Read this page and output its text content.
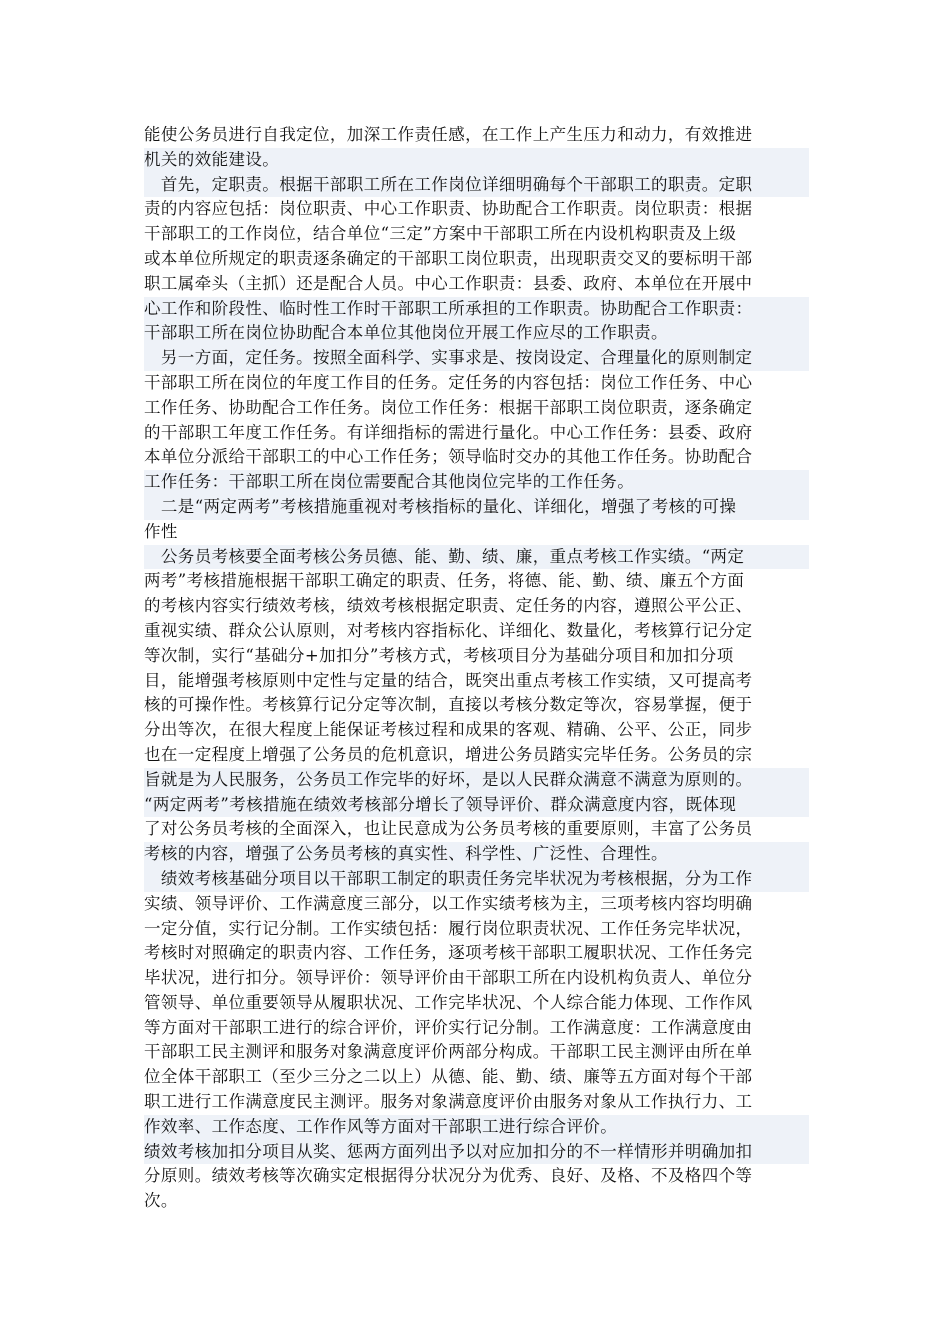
能使公务员进行自我定位，加深工作责任感，在工作上产生压力和动力，有效推进
机关的效能建设。
　首先，定职责。根据干部职工所在工作岗位详细明确每个干部职工的职责。定职
责的内容应包括：岗位职责、中心工作职责、协助配合工作职责。岗位职责：根据
干部职工的工作岗位，结合单位“三定”方案中干部职工所在内设机构职责及上级
或本单位所规定的职责逐条确定的干部职工岗位职责，出现职责交叉的要标明干部
职工属牵头（主抓）还是配合人员。中心工作职责：县委、政府、本单位在开展中
心工作和阶段性、临时性工作时干部职工所承担的工作职责。协助配合工作职责：
干部职工所在岗位协助配合本单位其他岗位开展工作应尽的工作职责。
　另一方面，定任务。按照全面科学、实事求是、按岗设定、合理量化的原则制定
干部职工所在岗位的年度工作目的任务。定任务的内容包括：岗位工作任务、中心
工作任务、协助配合工作任务。岗位工作任务：根据干部职工岗位职责，逐条确定
的干部职工年度工作任务。有详细指标的需进行量化。中心工作任务：县委、政府
本单位分派给干部职工的中心工作任务；领导临时交办的其他工作任务。协助配合
工作任务：干部职工所在岗位需要配合其他岗位完毕的工作任务。
　二是“两定两考”考核措施重视对考核指标的量化、详细化，增强了考核的可操
作性
　公务员考核要全面考核公务员德、能、勤、绩、廉，重点考核工作实绩。“两定
两考”考核措施根据干部职工确定的职责、任务，将德、能、勤、绩、廉五个方面
的考核内容实行绩效考核，绩效考核根据定职责、定任务的内容，遵照公平公正、
重视实绩、群众公认原则，对考核内容指标化、详细化、数量化，考核算行记分定
等次制，实行“基础分+加扣分”考核方式，考核项目分为基础分项目和加扣分项
目，能增强考核原则中定性与定量的结合，既突出重点考核工作实绩，又可提高考
核的可操作性。考核算行记分定等次制，直接以考核分数定等次，容易掌握，便于
分出等次，在很大程度上能保证考核过程和成果的客观、精确、公平、公正，同步
也在一定程度上增强了公务员的危机意识，增进公务员踏实完毕任务。公务员的宗
旨就是为人民服务，公务员工作完毕的好坏，是以人民群众满意不满意为原则的。
“两定两考”考核措施在绩效考核部分增长了领导评价、群众满意度内容，既体现
了对公务员考核的全面深入，也让民意成为公务员考核的重要原则，丰富了公务员
考核的内容，增强了公务员考核的真实性、科学性、广泛性、合理性。
　绩效考核基础分项目以干部职工制定的职责任务完毕状况为考核根据，分为工作
实绩、领导评价、工作满意度三部分，以工作实绩考核为主，三项考核内容均明确
一定分值，实行记分制。工作实绩包括：履行岗位职责状况、工作任务完毕状况，
考核时对照确定的职责内容、工作任务，逐项考核干部职工履职状况、工作任务完
毕状况，进行扣分。领导评价：领导评价由干部职工所在内设机构负责人、单位分
管领导、单位重要领导从履职状况、工作完毕状况、个人综合能力体现、工作作风
等方面对干部职工进行的综合评价，评价实行记分制。工作满意度：工作满意度由
干部职工民主测评和服务对象满意度评价两部分构成。干部职工民主测评由所在单
位全体干部职工（至少三分之二以上）从德、能、勤、绩、廉等五方面对每个干部
职工进行工作满意度民主测评。服务对象满意度评价由服务对象从工作执行力、工
作效率、工作态度、工作作风等方面对干部职工进行综合评价。
绩效考核加扣分项目从奖、惩两方面列出予以对应加扣分的不一样情形并明确加扣
分原则。绩效考核等次确实定根据得分状况分为优秀、良好、及格、不及格四个等
次。
